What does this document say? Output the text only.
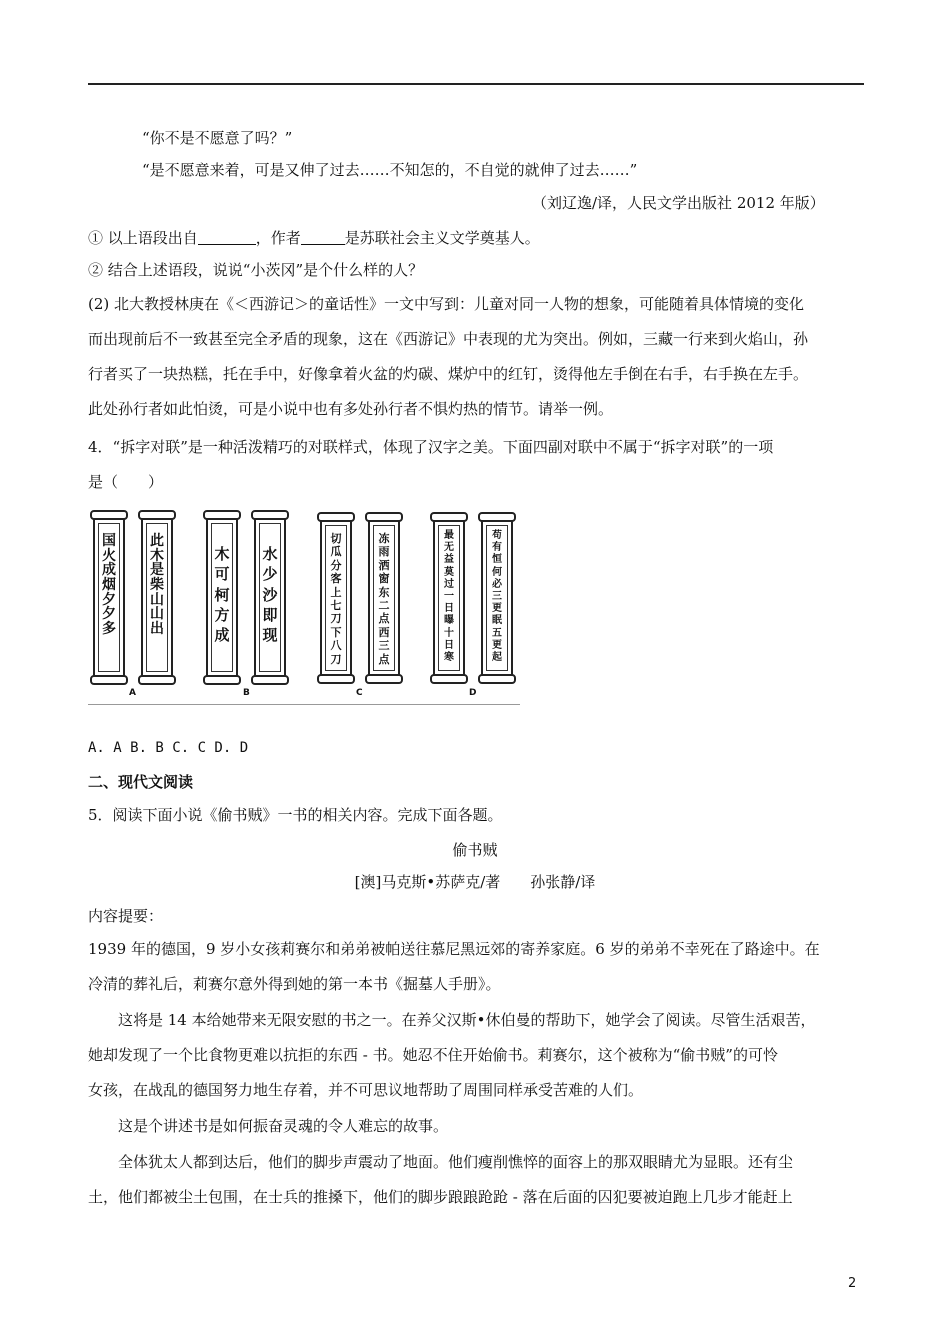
“你不是不愿意了吗？”
“是不愿意来着，可是又伸了过去……不知怎的，不自觉的就伸了过去……”
（刘辽逸/译，人民文学出版社 2012 年版）
① 以上语段出自	，作者	是苏联社会主义文学奠基人。
② 结合上述语段，说说“小茨冈”是个什么样的人？
(2) 北大教授林庚在《＜西游记＞的童话性》一文中写到：儿童对同一人物的想象，可能随着具体情境的变化
而出现前后不一致甚至完全矛盾的现象，这在《西游记》中表现的尤为突出。例如，三藏一行来到火焰山，孙
行者买了一块热糕，托在手中，好像拿着火盆的灼碳、煤炉中的红钉，烫得他左手倒在右手，右手换在左手。
此处孙行者如此怕烫，可是小说中也有多处孙行者不惧灼热的情节。请举一例。
4．“拆字对联”是一种活泼精巧的对联样式，体现了汉字之美。下面四副对联中不属于“拆字对联”的一项
是（　　）
国
火
成
烟
夕
夕
多
此
木
是
柴
山
山
出
A
木
可
柯
方
成
水
少
沙
即
现
B
切
瓜
分
客
上
七
刀
下
八
刀
冻
雨
洒
窗
东
二
点
西
三
点
C
最
无
益
莫
过
一
日
曝
十
日
寒
苟
有
恒
何
必
三
更
眠
五
更
起
D
A. A B. B C. C D. D
二、现代文阅读
5．阅读下面小说《偷书贼》一书的相关内容。完成下面各题。
偷书贼
[澳]马克斯•苏萨克/著　　孙张静/译
内容提要：
1939 年的德国，9 岁小女孩莉赛尔和弟弟被帕送往慕尼黑远郊的寄养家庭。6 岁的弟弟不幸死在了路途中。在
冷清的葬礼后，莉赛尔意外得到她的第一本书《掘墓人手册》。
这将是 14 本给她带来无限安慰的书之一。在养父汉斯•休伯曼的帮助下，她学会了阅读。尽管生活艰苦，
她却发现了一个比食物更难以抗拒的东西 - 书。她忍不住开始偷书。莉赛尔，这个被称为“偷书贼”的可怜
女孩，在战乱的德国努力地生存着，并不可思议地帮助了周围同样承受苦难的人们。
这是个讲述书是如何振奋灵魂的令人难忘的故事。
全体犹太人都到达后，他们的脚步声震动了地面。他们瘦削憔悴的面容上的那双眼睛尤为显眼。还有尘
土，他们都被尘土包围，在士兵的推搡下，他们的脚步踉踉跄跄 - 落在后面的囚犯要被迫跑上几步才能赶上
2
